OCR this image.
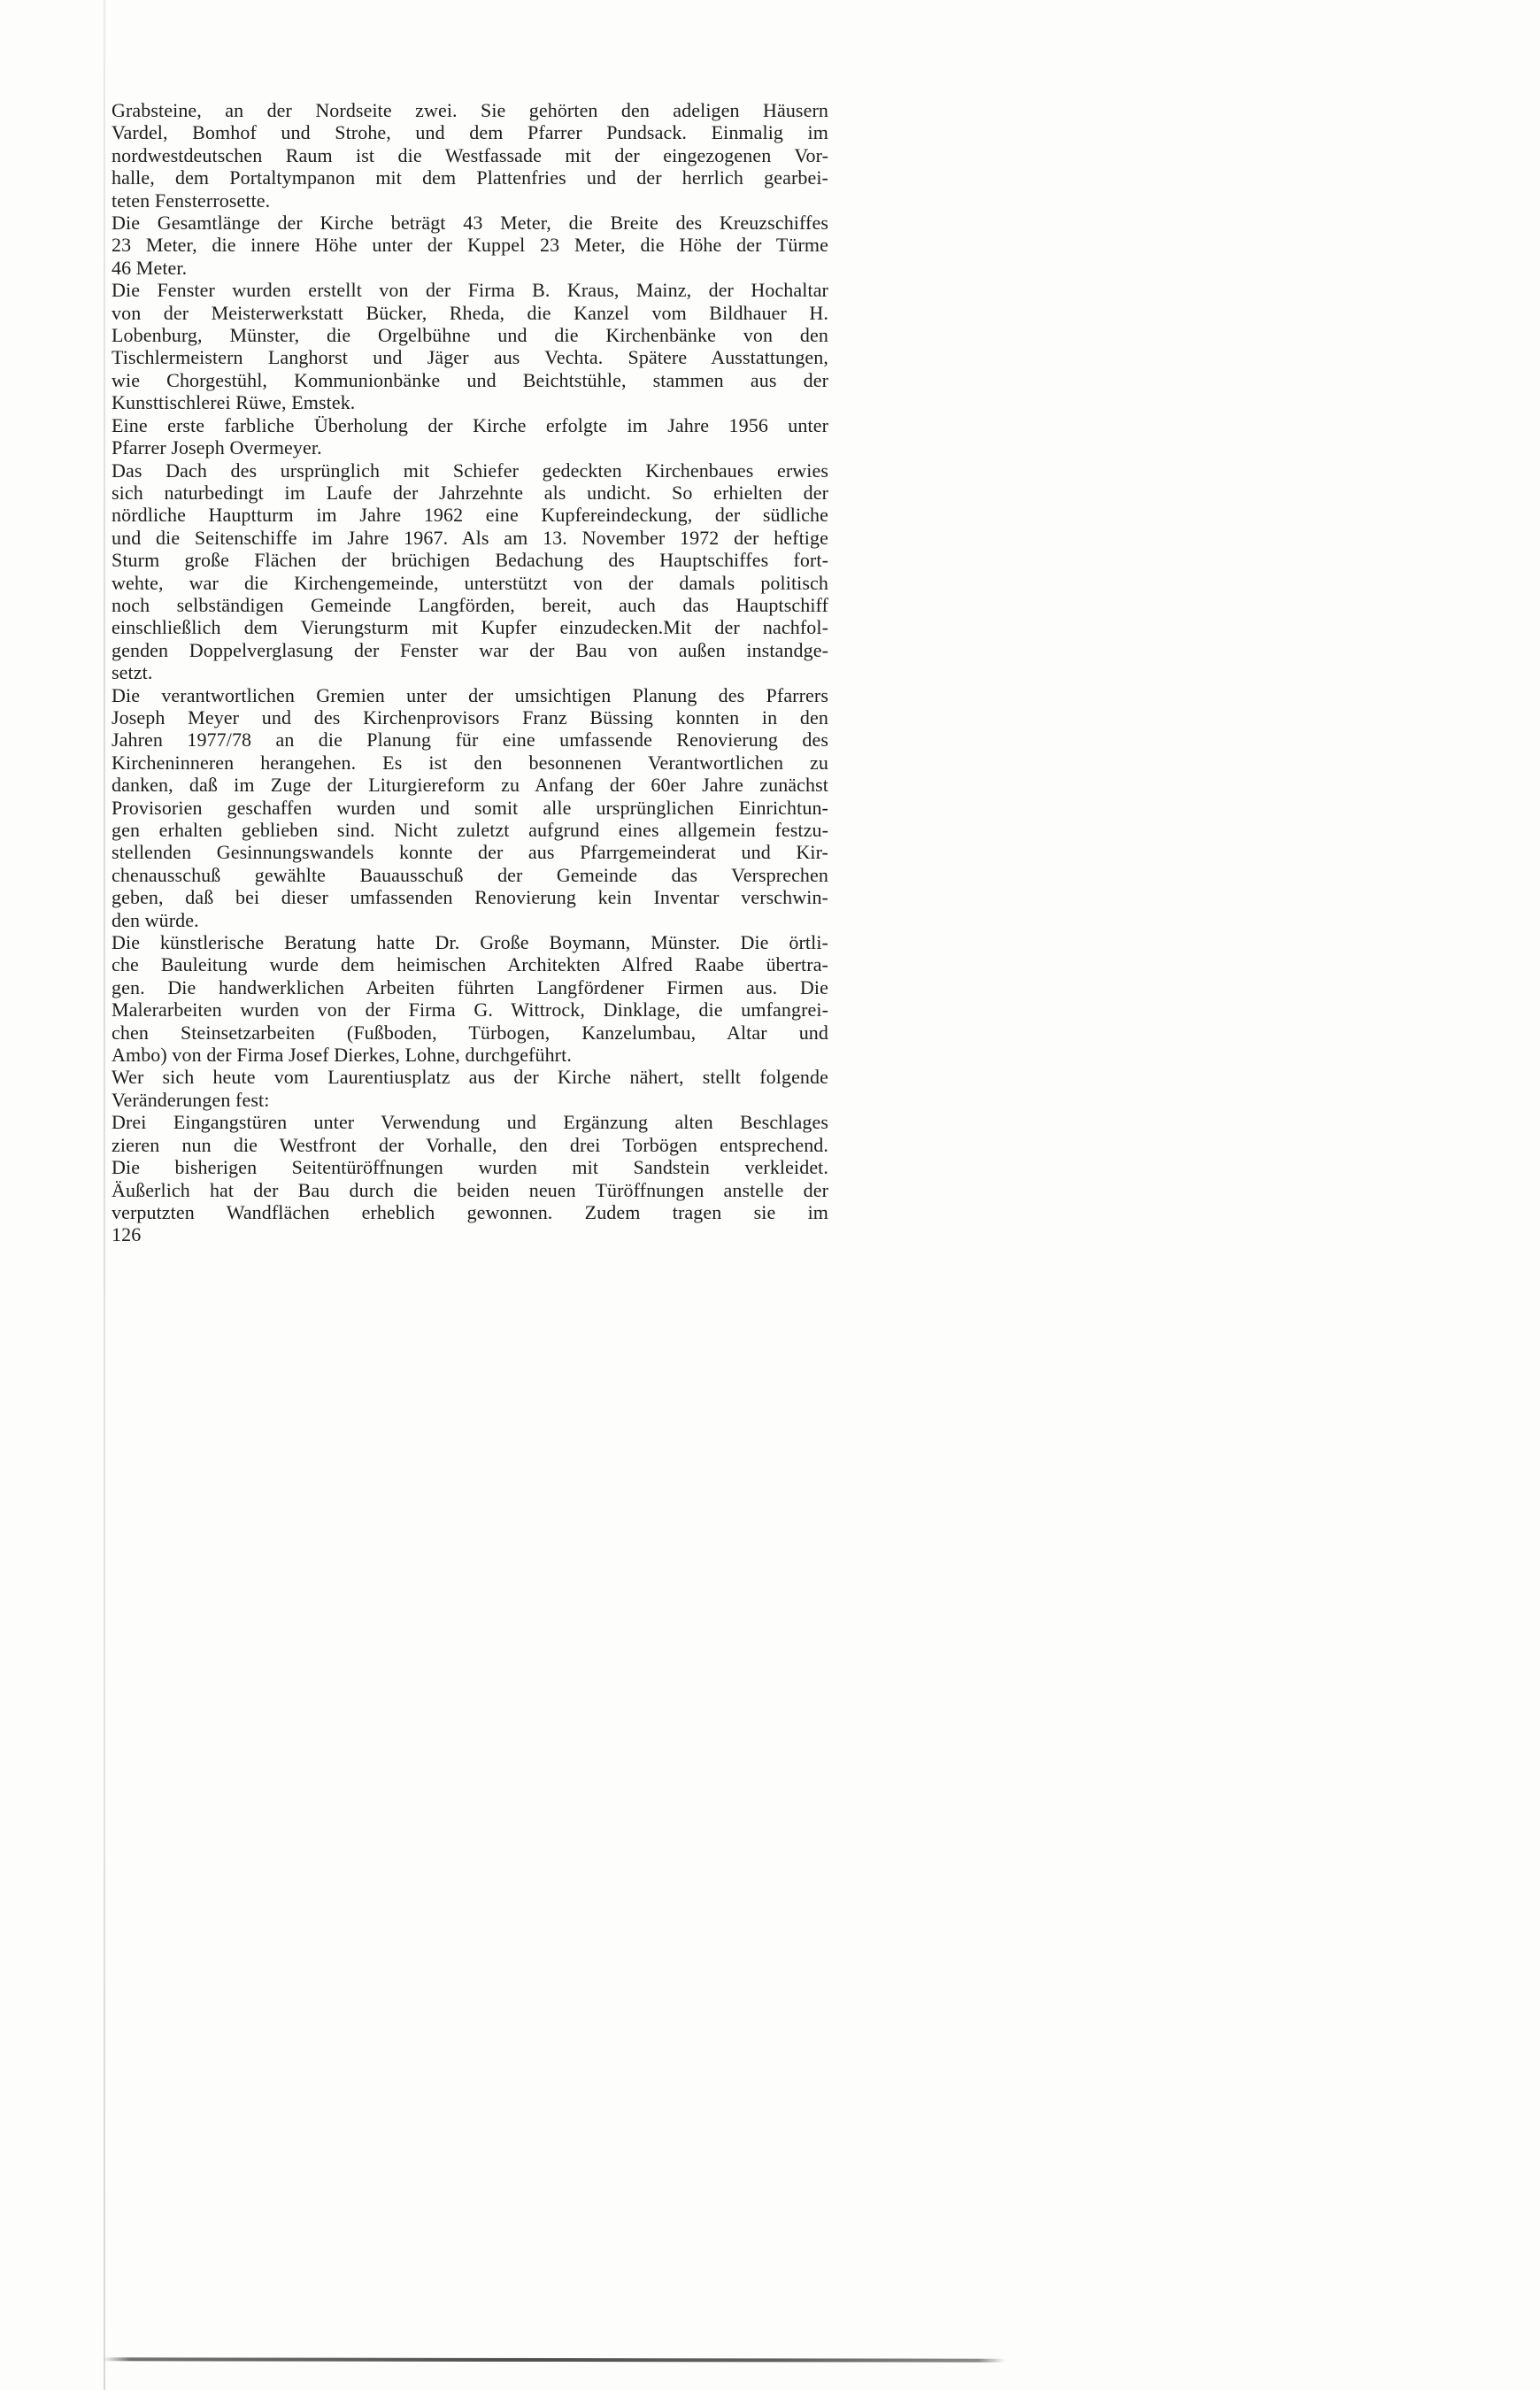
Grabsteine, an der Nordseite zwei. Sie gehörten den adeligen Häusern
Vardel, Bomhof und Strohe, und dem Pfarrer Pundsack. Einmalig im
nordwestdeutschen Raum ist die Westfassade mit der eingezogenen Vor-
halle, dem Portaltympanon mit dem Plattenfries und der herrlich gearbei-
teten Fensterrosette.
Die Gesamtlänge der Kirche beträgt 43 Meter, die Breite des Kreuzschiffes
23 Meter, die innere Höhe unter der Kuppel 23 Meter, die Höhe der Türme
46 Meter.
Die Fenster wurden erstellt von der Firma B. Kraus, Mainz, der Hochaltar
von der Meisterwerkstatt Bücker, Rheda, die Kanzel vom Bildhauer H.
Lobenburg, Münster, die Orgelbühne und die Kirchenbänke von den
Tischlermeistern Langhorst und Jäger aus Vechta. Spätere Ausstattungen,
wie Chorgestühl, Kommunionbänke und Beichtstühle, stammen aus der
Kunsttischlerei Rüwe, Emstek.
Eine erste farbliche Überholung der Kirche erfolgte im Jahre 1956 unter
Pfarrer Joseph Overmeyer.
Das Dach des ursprünglich mit Schiefer gedeckten Kirchenbaues erwies
sich naturbedingt im Laufe der Jahrzehnte als undicht. So erhielten der
nördliche Hauptturm im Jahre 1962 eine Kupfereindeckung, der südliche
und die Seitenschiffe im Jahre 1967. Als am 13. November 1972 der heftige
Sturm große Flächen der brüchigen Bedachung des Hauptschiffes fort-
wehte, war die Kirchengemeinde, unterstützt von der damals politisch
noch selbständigen Gemeinde Langförden, bereit, auch das Hauptschiff
einschließlich dem Vierungsturm mit Kupfer einzudecken.Mit der nachfol-
genden Doppelverglasung der Fenster war der Bau von außen instandge-
setzt.
Die verantwortlichen Gremien unter der umsichtigen Planung des Pfarrers
Joseph Meyer und des Kirchenprovisors Franz Büssing konnten in den
Jahren 1977/78 an die Planung für eine umfassende Renovierung des
Kircheninneren herangehen. Es ist den besonnenen Verantwortlichen zu
danken, daß im Zuge der Liturgiereform zu Anfang der 60er Jahre zunächst
Provisorien geschaffen wurden und somit alle ursprünglichen Einrichtun-
gen erhalten geblieben sind. Nicht zuletzt aufgrund eines allgemein festzu-
stellenden Gesinnungswandels konnte der aus Pfarrgemeinderat und Kir-
chenausschuß gewählte Bauausschuß der Gemeinde das Versprechen
geben, daß bei dieser umfassenden Renovierung kein Inventar verschwin-
den würde.
Die künstlerische Beratung hatte Dr. Große Boymann, Münster. Die örtli-
che Bauleitung wurde dem heimischen Architekten Alfred Raabe übertra-
gen. Die handwerklichen Arbeiten führten Langfördener Firmen aus. Die
Malerarbeiten wurden von der Firma G. Wittrock, Dinklage, die umfangrei-
chen Steinsetzarbeiten (Fußboden, Türbogen, Kanzelumbau, Altar und
Ambo) von der Firma Josef Dierkes, Lohne, durchgeführt.
Wer sich heute vom Laurentiusplatz aus der Kirche nähert, stellt folgende
Veränderungen fest:
Drei Eingangstüren unter Verwendung und Ergänzung alten Beschlages
zieren nun die Westfront der Vorhalle, den drei Torbögen entsprechend.
Die bisherigen Seitentüröffnungen wurden mit Sandstein verkleidet.
Äußerlich hat der Bau durch die beiden neuen Türöffnungen anstelle der
verputzten Wandflächen erheblich gewonnen. Zudem tragen sie im
126
